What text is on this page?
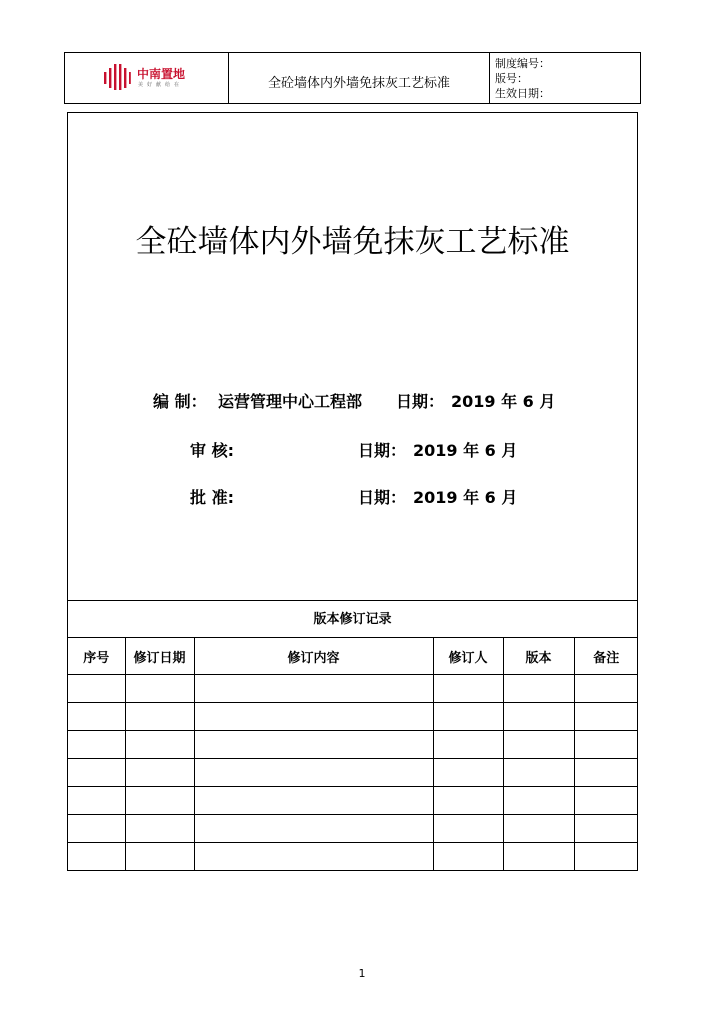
中南置地
美好献给在	全砼墙体内外墙免抹灰工艺标准
制度编号：
版号：
生效日期：
全砼墙体内外墙免抹灰工艺标准
编 制： 运营管理中心工程部 日期： 2019 年 6 月
审 核:	日期： 2019 年 6 月
批 准:	日期： 2019 年 6 月
版本修订记录
序号	修订日期	修订内容	修订人	版本	备注

1
